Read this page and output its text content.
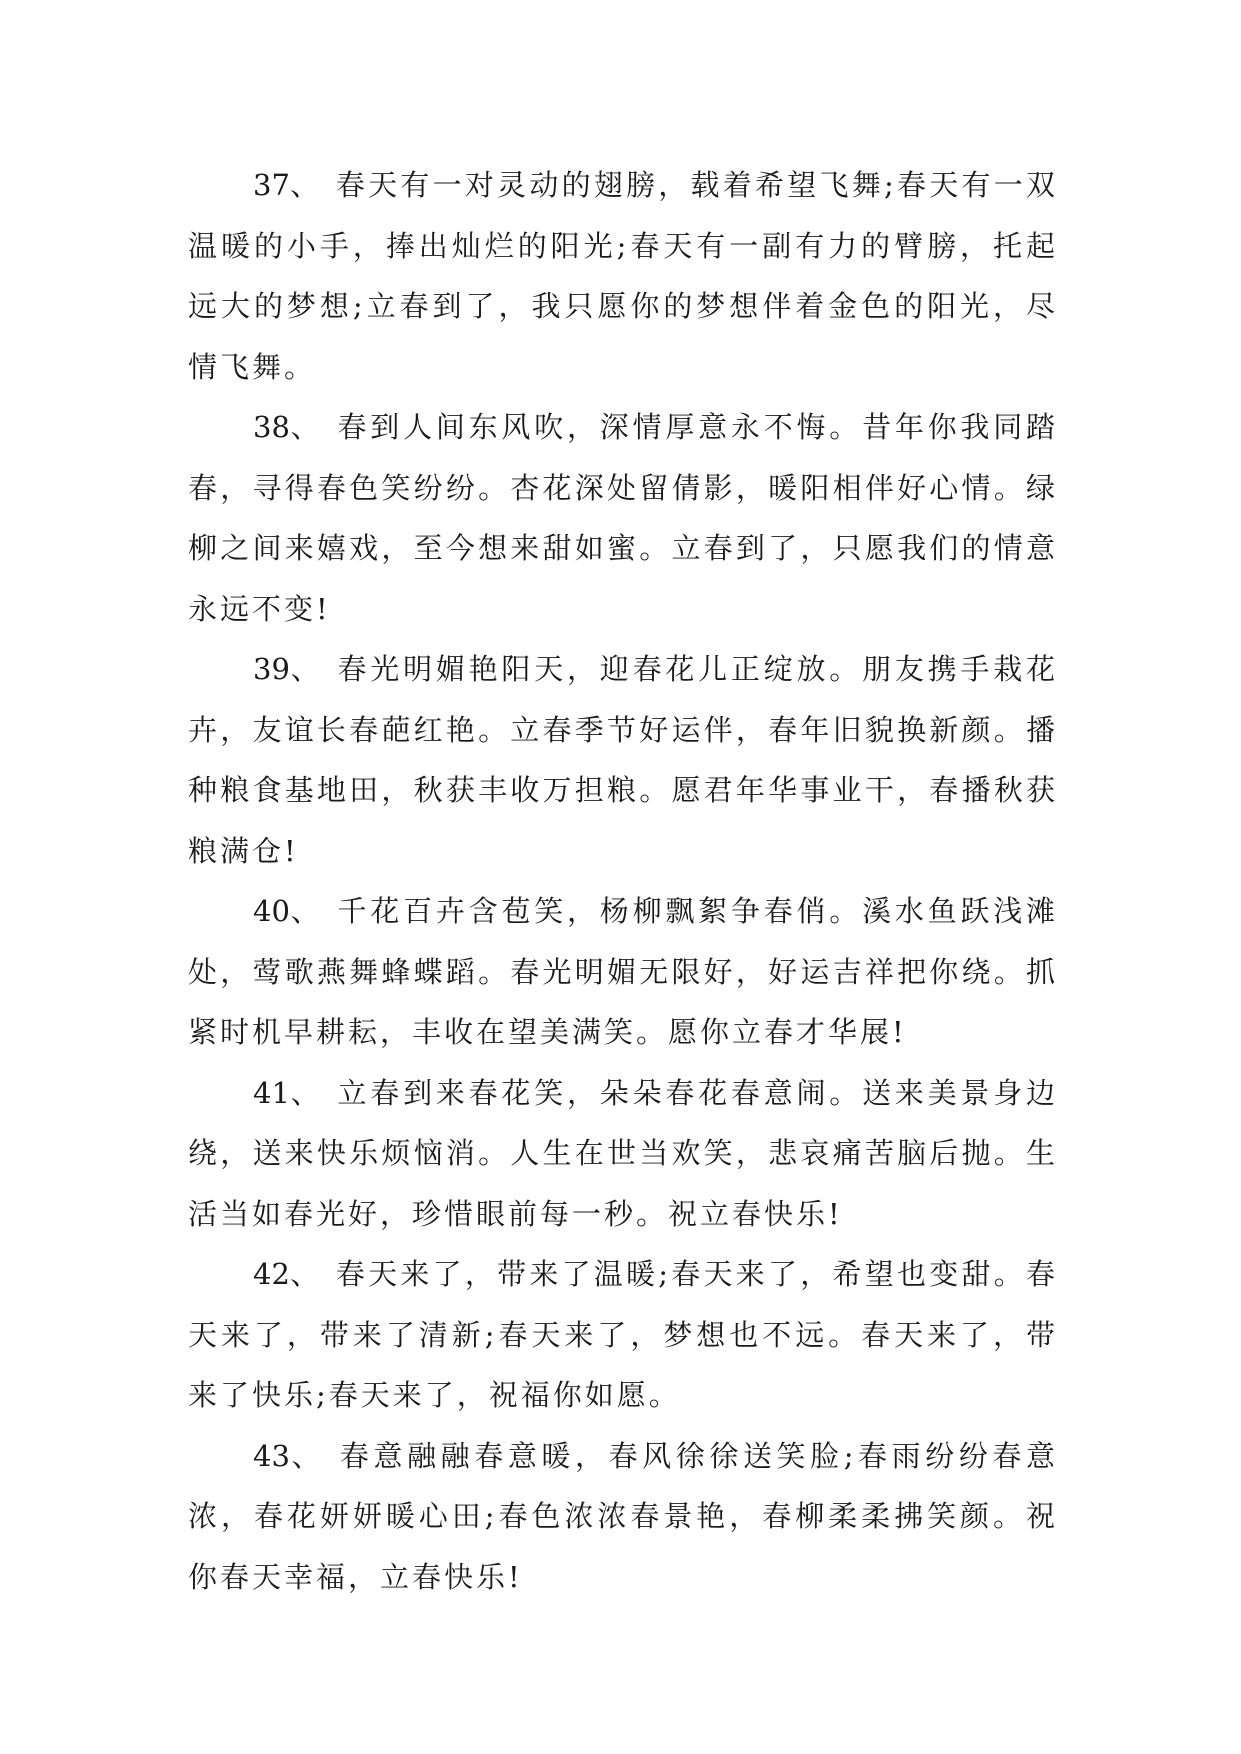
37、 春天有一对灵动的翅膀，载着希望飞舞;春天有一双温暖的小手，捧出灿烂的阳光;春天有一副有力的臂膀，托起远大的梦想;立春到了，我只愿你的梦想伴着金色的阳光，尽情飞舞。

38、 春到人间东风吹，深情厚意永不悔。昔年你我同踏春，寻得春色笑纷纷。杏花深处留倩影，暖阳相伴好心情。绿柳之间来嬉戏，至今想来甜如蜜。立春到了，只愿我们的情意永远不变!

39、 春光明媚艳阳天，迎春花儿正绽放。朋友携手栽花卉，友谊长春葩红艳。立春季节好运伴，春年旧貌换新颜。播种粮食基地田，秋获丰收万担粮。愿君年华事业干，春播秋获粮满仓!

40、 千花百卉含苞笑，杨柳飘絮争春俏。溪水鱼跃浅滩处，莺歌燕舞蜂蝶蹈。春光明媚无限好，好运吉祥把你绕。抓紧时机早耕耘，丰收在望美满笑。愿你立春才华展!

41、 立春到来春花笑，朵朵春花春意闹。送来美景身边绕，送来快乐烦恼消。人生在世当欢笑，悲哀痛苦脑后抛。生活当如春光好，珍惜眼前每一秒。祝立春快乐!

42、 春天来了，带来了温暖;春天来了，希望也变甜。春天来了，带来了清新;春天来了，梦想也不远。春天来了，带来了快乐;春天来了，祝福你如愿。

43、 春意融融春意暖，春风徐徐送笑脸;春雨纷纷春意浓，春花妍妍暖心田;春色浓浓春景艳，春柳柔柔拂笑颜。祝你春天幸福，立春快乐!
